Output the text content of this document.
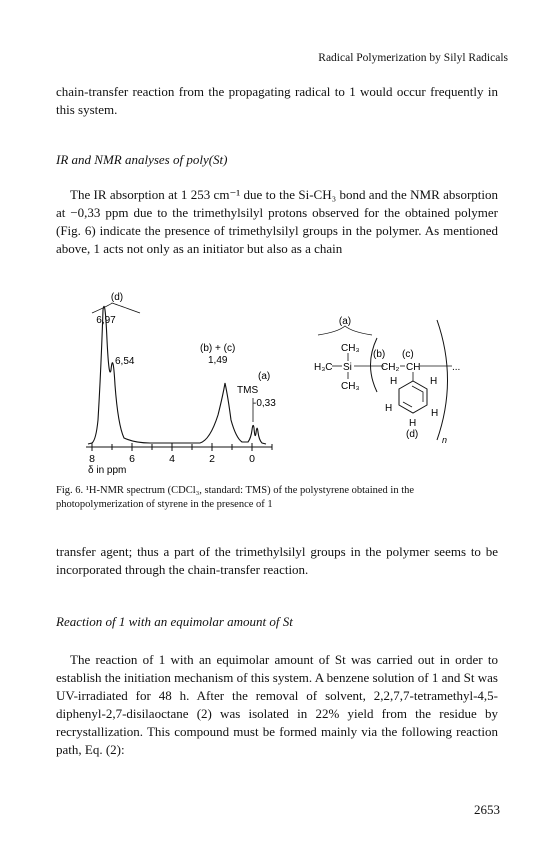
Radical Polymerization by Silyl Radicals
chain-transfer reaction from the propagating radical to 1 would occur frequently in this system.
IR and NMR analyses of poly(St)
The IR absorption at 1 253 cm⁻¹ due to the Si-CH₃ bond and the NMR absorption at −0,33 ppm due to the trimethylsilyl protons observed for the obtained polymer (Fig. 6) indicate the presence of trimethylsilyl groups in the polymer. As mentioned above, 1 acts not only as an initiator but also as a chain
(d)
6,97
6,54
(b) + (c)
1,49
(a)
TMS
-0,33
8	6	4	2	0
δ in ppm
(a)
CH₃
H₃C Si
CH₃
(b) (c)
CH₂ CH	...
H	H
H	H
H
(d)	n
Fig. 6. ¹H-NMR spectrum (CDCl₃, standard: TMS) of the polystyrene obtained in the photopolymerization of styrene in the presence of 1
transfer agent; thus a part of the trimethylsilyl groups in the polymer seems to be incorporated through the chain-transfer reaction.
Reaction of 1 with an equimolar amount of St
The reaction of 1 with an equimolar amount of St was carried out in order to establish the initiation mechanism of this system. A benzene solution of 1 and St was UV-irradiated for 48 h. After the removal of solvent, 2,2,7,7-tetramethyl-4,5-diphenyl-2,7-disilaoctane (2) was isolated in 22% yield from the residue by recrystallization. This compound must be formed mainly via the following reaction path, Eq. (2):
2653
